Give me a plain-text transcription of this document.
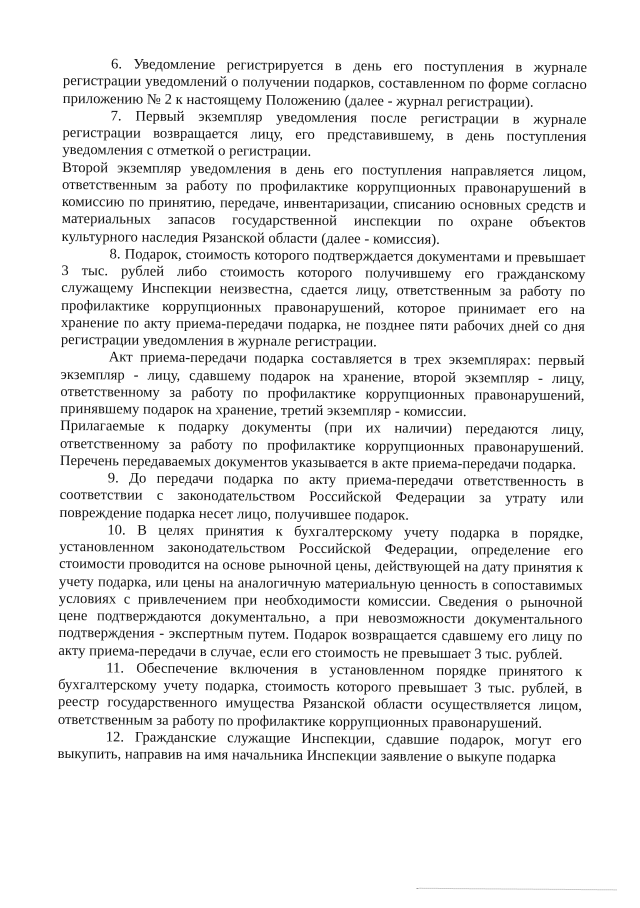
6. Уведомление регистрируется в день его поступления в журнале регистрации уведомлений о получении подарков, составленном по форме согласно приложению № 2 к настоящему Положению (далее - журнал регистрации).

7. Первый экземпляр уведомления после регистрации в журнале регистрации возвращается лицу, его представившему, в день поступления уведомления с отметкой о регистрации.

Второй экземпляр уведомления в день его поступления направляется лицом, ответственным за работу по профилактике коррупционных правонарушений в комиссию по принятию, передаче, инвентаризации, списанию основных средств и материальных запасов государственной инспекции по охране объектов культурного наследия Рязанской области (далее - комиссия).

8. Подарок, стоимость которого подтверждается документами и превышает 3 тыс. рублей либо стоимость которого получившему его гражданскому служащему Инспекции неизвестна, сдается лицу, ответственным за работу по профилактике коррупционных правонарушений, которое принимает его на хранение по акту приема-передачи подарка, не позднее пяти рабочих дней со дня регистрации уведомления в журнале регистрации.

Акт приема-передачи подарка составляется в трех экземплярах: первый экземпляр - лицу, сдавшему подарок на хранение, второй экземпляр - лицу, ответственному за работу по профилактике коррупционных правонарушений, принявшему подарок на хранение, третий экземпляр - комиссии.

Прилагаемые к подарку документы (при их наличии) передаются лицу, ответственному за работу по профилактике коррупционных правонарушений. Перечень передаваемых документов указывается в акте приема-передачи подарка.

9. До передачи подарка по акту приема-передачи ответственность в соответствии с законодательством Российской Федерации за утрату или повреждение подарка несет лицо, получившее подарок.

10. В целях принятия к бухгалтерскому учету подарка в порядке, установленном законодательством Российской Федерации, определение его стоимости проводится на основе рыночной цены, действующей на дату принятия к учету подарка, или цены на аналогичную материальную ценность в сопоставимых условиях с привлечением при необходимости комиссии. Сведения о рыночной цене подтверждаются документально, а при невозможности документального подтверждения - экспертным путем. Подарок возвращается сдавшему его лицу по акту приема-передачи в случае, если его стоимость не превышает 3 тыс. рублей.

11. Обеспечение включения в установленном порядке принятого к бухгалтерскому учету подарка, стоимость которого превышает 3 тыс. рублей, в реестр государственного имущества Рязанской области осуществляется лицом, ответственным за работу по профилактике коррупционных правонарушений.

12. Гражданские служащие Инспекции, сдавшие подарок, могут его выкупить, направив на имя начальника Инспекции заявление о выкупе подарка
